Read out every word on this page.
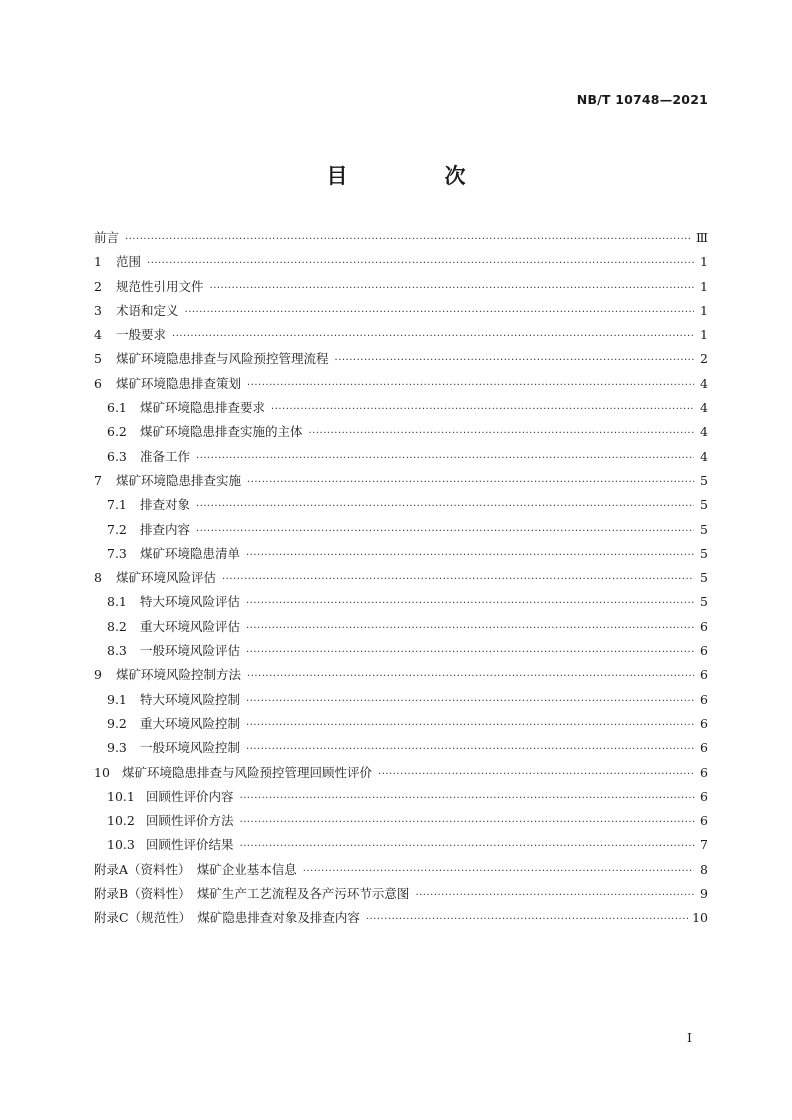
NB/T 10748—2021
目　次
前言 ·····	Ⅲ
1	范围 ·····	1
2	规范性引用文件 ·····	1
3	术语和定义 ·····	1
4	一般要求 ·····	1
5	煤矿环境隐患排查与风险预控管理流程 ·····	2
6	煤矿环境隐患排查策划 ·····	4
6.1	煤矿环境隐患排查要求 ·····	4
6.2	煤矿环境隐患排查实施的主体 ·····	4
6.3	准备工作 ·····	4
7	煤矿环境隐患排查实施 ·····	5
7.1	排查对象 ·····	5
7.2	排查内容 ·····	5
7.3	煤矿环境隐患清单 ·····	5
8	煤矿环境风险评估 ·····	5
8.1	特大环境风险评估 ·····	5
8.2	重大环境风险评估 ·····	6
8.3	一般环境风险评估 ·····	6
9	煤矿环境风险控制方法 ·····	6
9.1	特大环境风险控制 ·····	6
9.2	重大环境风险控制 ·····	6
9.3	一般环境风险控制 ·····	6
10 煤矿环境隐患排查与风险预控管理回顾性评价 ·····	6
10.1 回顾性评价内容 ·····	6
10.2 回顾性评价方法 ·····	6
10.3 回顾性评价结果 ·····	7
附录A（资料性）　煤矿企业基本信息 ·····	8
附录B（资料性）　煤矿生产工艺流程及各产污环节示意图 ·····	9
附录C（规范性）　煤矿隐患排查对象及排查内容 ·····	10
I
